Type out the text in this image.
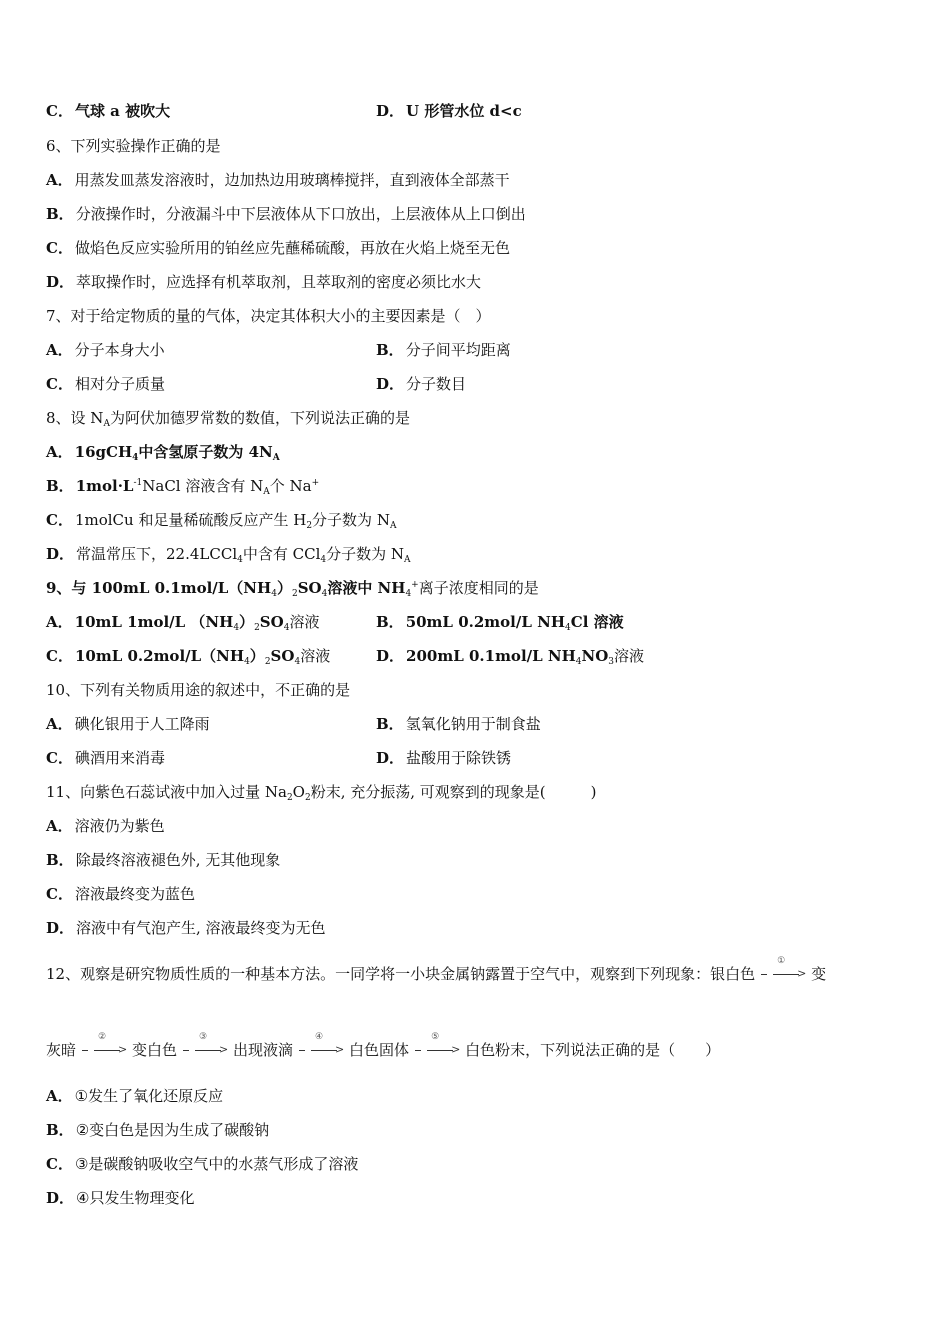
C． 气球 a 被吹大	D． U 形管水位 d<c
6、下列实验操作正确的是
A． 用蒸发皿蒸发溶液时，边加热边用玻璃棒搅拌，直到液体全部蒸干
B． 分液操作时，分液漏斗中下层液体从下口放出，上层液体从上口倒出
C． 做焰色反应实验所用的铂丝应先蘸稀硫酸，再放在火焰上烧至无色
D． 萃取操作时，应选择有机萃取剂，且萃取剂的密度必须比水大
7、对于给定物质的量的气体，决定其体积大小的主要因素是（　）
A． 分子本身大小	B． 分子间平均距离
C． 相对分子质量	D． 分子数目
8、设 $N_A$为阿伏加德罗常数的数值，下列说法正确的是
A． 16gCH$_4$中含氢原子数为 $4N_A$
B． $1mol\cdot L^{-1}NaCl$ 溶液含有 $N_A$个 Na+
C． 1molCu 和足量稀硫酸反应产生 $H_2$分子数为 $N_A$
D． 常温常压下，22.4LCCl$_4$中含有 CCl$_4$分子数为 $N_A$
9、与 100mL $0.1mol/L(NH_4)_2SO_4$溶液中 $NH_4^+$离子浓度相同的是
A． 10mL 1mol/L $(NH_4)_2SO_4$溶液	B． 50mL 0.2mol/L $NH_4Cl$ 溶液
C． 10mL $0.2mol/L(NH_4)_2SO_4$溶液	D． 200mL 0.1mol/L $NH_4NO_3$溶液
10、下列有关物质用途的叙述中，不正确的是
A． 碘化银用于人工降雨	B． 氢氧化钠用于制食盐
C． 碘酒用来消毒	D． 盐酸用于除铁锈
11、向紫色石蕊试液中加入过量 $Na_2O_2$粉末, 充分振荡, 可观察到的现象是(　　　)
A． 溶液仍为紫色
B． 除最终溶液褪色外, 无其他现象
C． 溶液最终变为蓝色
D． 溶液中有气泡产生, 溶液最终变为无色
12、观察是研究物质性质的一种基本方法。一同学将一小块金属钠露置于空气中，观察到下列现象：银白色	>
①
变
灰暗	>
②
变白色	>
③
出现液滴	>
④
白色固体	>
⑤
白色粉末，下列说法正确的是（　　）
A． ①发生了氧化还原反应
B． ②变白色是因为生成了碳酸钠
C． ③是碳酸钠吸收空气中的水蒸气形成了溶液
D． ④只发生物理变化
